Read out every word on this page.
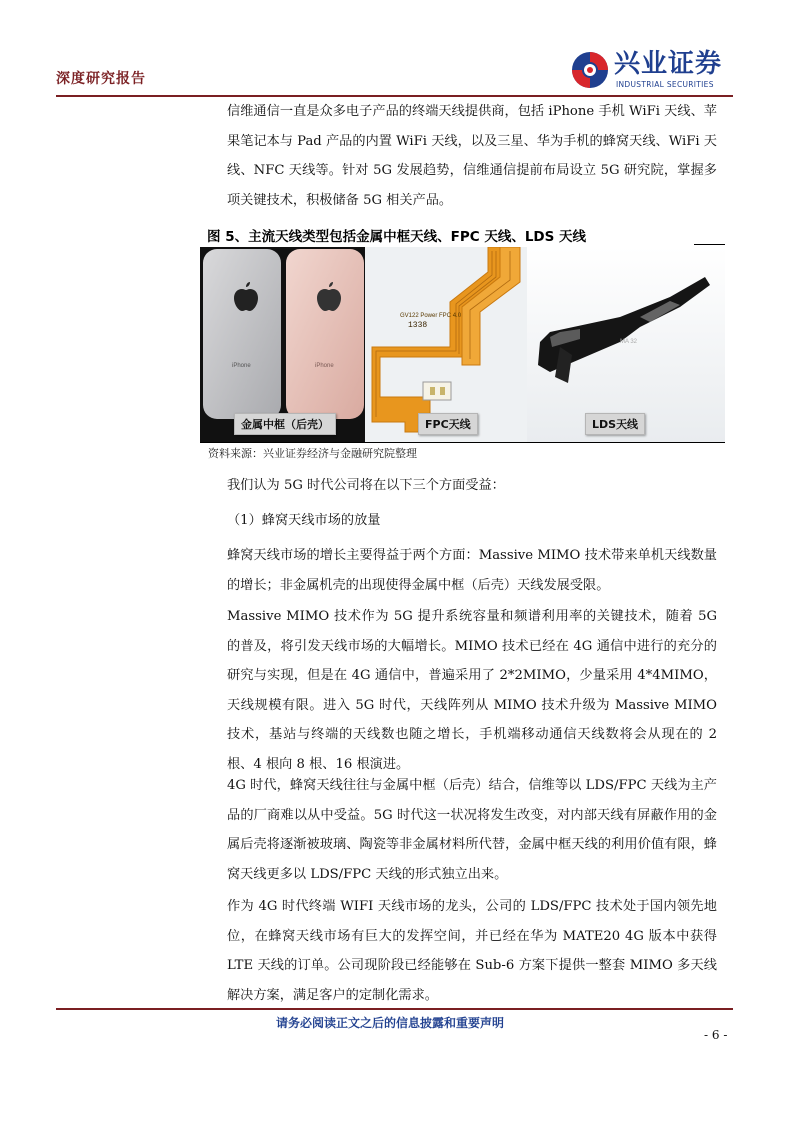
深度研究报告	兴业证券
INDUSTRIAL SECURITIES
信维通信一直是众多电子产品的终端天线提供商，包括 iPhone 手机 WiFi 天线、苹果笔记本与 Pad 产品的内置 WiFi 天线，以及三星、华为手机的蜂窝天线、WiFi 天线、NFC 天线等。针对 5G 发展趋势，信维通信提前布局设立 5G 研究院，掌握多项关键技术，积极储备 5G 相关产品。
图 5、主流天线类型包括金属中框天线、FPC 天线、LDS 天线
iPhone	iPhone
GV122 Power FPC 4.0
1338
MA 32
金属中框（后壳）	FPC天线	LDS天线
资料来源：兴业证券经济与金融研究院整理
我们认为 5G 时代公司将在以下三个方面受益：
（1）蜂窝天线市场的放量
蜂窝天线市场的增长主要得益于两个方面：Massive MIMO 技术带来单机天线数量的增长；非金属机壳的出现使得金属中框（后壳）天线发展受限。
Massive MIMO 技术作为 5G 提升系统容量和频谱利用率的关键技术，随着 5G 的普及，将引发天线市场的大幅增长。MIMO 技术已经在 4G 通信中进行的充分的研究与实现，但是在 4G 通信中，普遍采用了 2*2MIMO，少量采用 4*4MIMO，天线规模有限。进入 5G 时代，天线阵列从 MIMO 技术升级为 Massive MIMO 技术，基站与终端的天线数也随之增长，手机端移动通信天线数将会从现在的 2 根、4 根向 8 根、16 根演进。
4G 时代，蜂窝天线往往与金属中框（后壳）结合，信维等以 LDS/FPC 天线为主产品的厂商难以从中受益。5G 时代这一状况将发生改变，对内部天线有屏蔽作用的金属后壳将逐渐被玻璃、陶瓷等非金属材料所代替，金属中框天线的利用价值有限，蜂窝天线更多以 LDS/FPC 天线的形式独立出来。
作为 4G 时代终端 WIFI 天线市场的龙头，公司的 LDS/FPC 技术处于国内领先地位，在蜂窝天线市场有巨大的发挥空间，并已经在华为 MATE20 4G 版本中获得 LTE 天线的订单。公司现阶段已经能够在 Sub-6 方案下提供一整套 MIMO 多天线解决方案，满足客户的定制化需求。
请务必阅读正文之后的信息披露和重要声明
- 6 -
